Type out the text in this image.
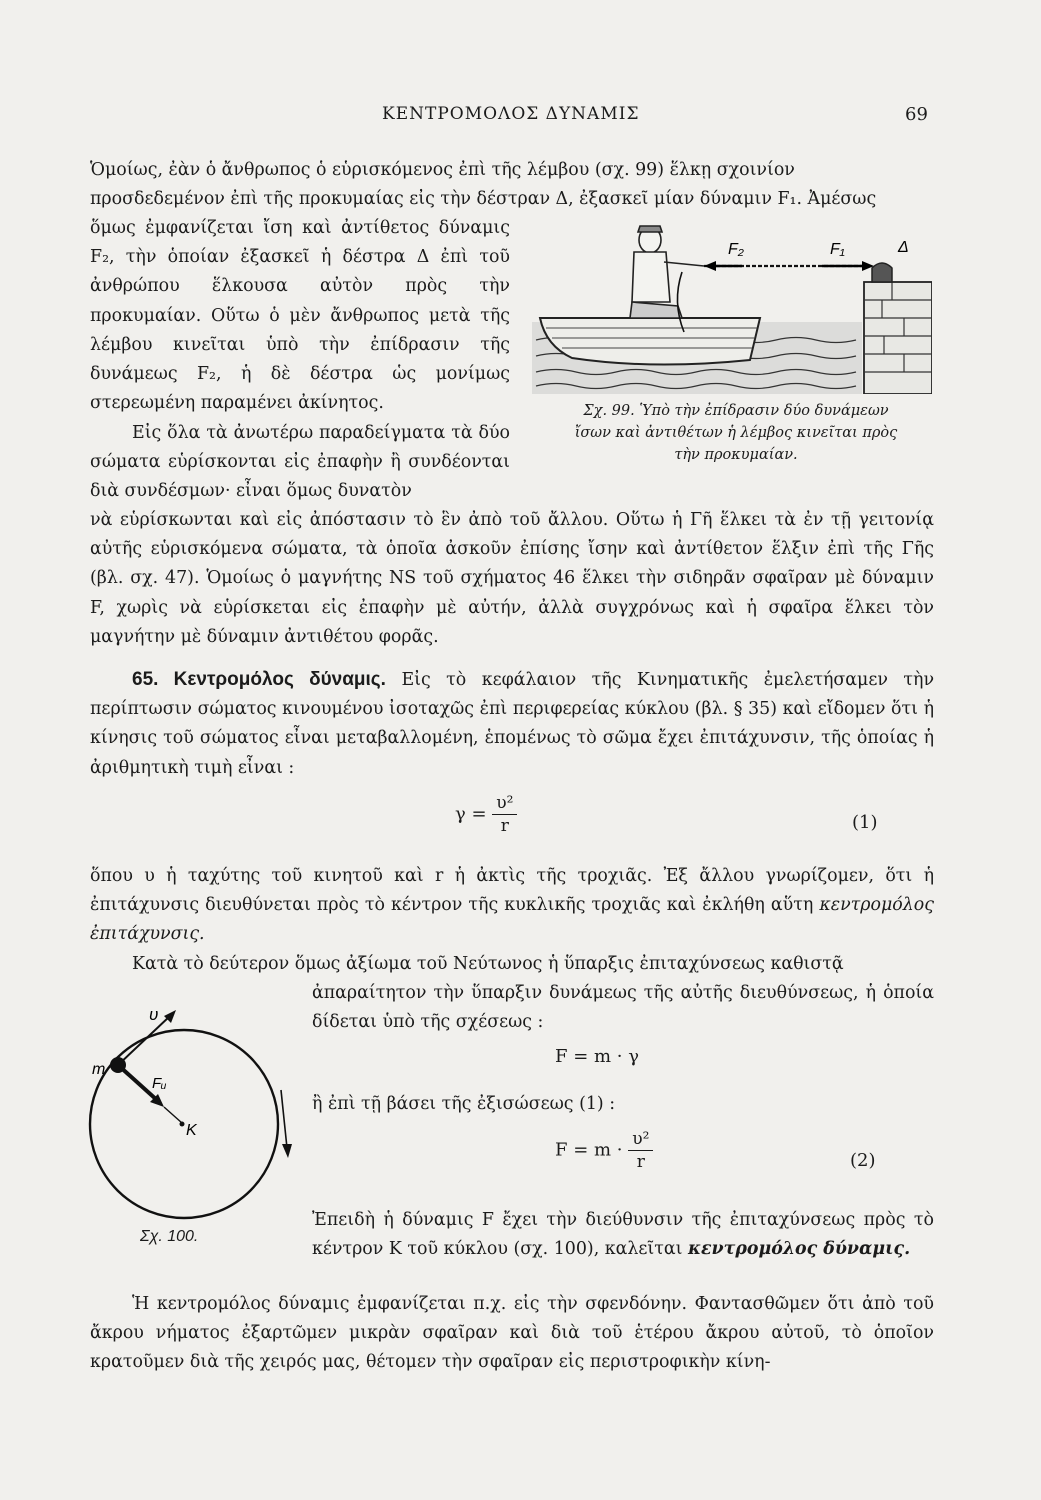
ΚΕΝΤΡΟΜΟΛΟΣ ΔΥΝΑΜΙΣ	69

Ὁμοίως, ἐὰν ὁ ἄνθρωπος ὁ εὑρισκόμενος ἐπὶ τῆς λέμβου (σχ. 99) ἕλκῃ σχοινίον

προσδεδεμένον ἐπὶ τῆς προκυμαίας εἰς τὴν δέστραν Δ, ἐξασκεῖ μίαν δύναμιν F₁. Ἀμέσως

ὅμως ἐμφανίζεται ἴση καὶ ἀντίθετος δύναμις F₂, τὴν ὁποίαν ἐξασκεῖ ἡ δέστρα Δ ἐπὶ τοῦ ἀνθρώπου ἕλκουσα αὐτὸν πρὸς τὴν προκυμαίαν. Οὕτω ὁ μὲν ἄνθρωπος μετὰ τῆς λέμβου κινεῖται ὑπὸ τὴν ἐπίδρασιν τῆς δυνάμεως F₂, ἡ δὲ δέστρα ὡς μονίμως στερεωμένη παραμένει ἀκίνητος.

Εἰς ὅλα τὰ ἀνωτέρω παραδείγματα τὰ δύο σώματα εὑρίσκονται εἰς ἐπαφὴν ἢ συνδέονται διὰ συνδέσμων· εἶναι ὅμως δυνατὸν

νὰ εὑρίσκωνται καὶ εἰς ἀπόστασιν τὸ ἓν ἀπὸ τοῦ ἄλλου. Οὕτω ἡ Γῆ ἕλκει τὰ ἐν τῇ γειτονίᾳ αὐτῆς εὑρισκόμενα σώματα, τὰ ὁποῖα ἀσκοῦν ἐπίσης ἴσην καὶ ἀντίθετον ἕλξιν ἐπὶ τῆς Γῆς (βλ. σχ. 47). Ὁμοίως ὁ μαγνήτης NS τοῦ σχήματος 46 ἕλκει τὴν σιδηρᾶν σφαῖραν μὲ δύναμιν F, χωρὶς νὰ εὑρίσκεται εἰς ἐπαφὴν μὲ αὐτήν, ἀλλὰ συγχρόνως καὶ ἡ σφαῖρα ἕλκει τὸν μαγνήτην μὲ δύναμιν ἀντιθέτου φορᾶς.

F₂	F₁	Δ
Σχ. 99. Ὑπὸ τὴν ἐπίδρασιν δύο δυνάμεων
ἴσων καὶ ἀντιθέτων ἡ λέμβος κινεῖται πρὸς
τὴν προκυμαίαν.

65. Κεντρομόλος δύναμις. Εἰς τὸ κεφάλαιον τῆς Κινηματικῆς ἐμελετήσαμεν τὴν περίπτωσιν σώματος κινουμένου ἰσοταχῶς ἐπὶ περιφερείας κύκλου (βλ. § 35) καὶ εἴδομεν ὅτι ἡ κίνησις τοῦ σώματος εἶναι μεταβαλλομένη, ἑπομένως τὸ σῶμα ἔχει ἐπιτάχυνσιν, τῆς ὁποίας ἡ ἀριθμητικὴ τιμὴ εἶναι :

$\gamma = \frac{\text{υ²}}{r}$	(1)

ὅπου υ ἡ ταχύτης τοῦ κινητοῦ καὶ r ἡ ἀκτὶς τῆς τροχιᾶς. Ἐξ ἄλλου γνωρίζομεν, ὅτι ἡ ἐπιτάχυνσις διευθύνεται πρὸς τὸ κέντρον τῆς κυκλικῆς τροχιᾶς καὶ ἐκλήθη αὕτη κεντρομόλος ἐπιτάχυνσις.

Κατὰ τὸ δεύτερον ὅμως ἀξίωμα τοῦ Νεύτωνος ἡ ὕπαρξις ἐπιταχύνσεως καθιστᾷ

ἀπαραίτητον τὴν ὕπαρξιν δυνάμεως τῆς αὐτῆς διευθύνσεως, ἡ ὁποία δίδεται ὑπὸ τῆς σχέσεως :

F = m · γ

ἢ ἐπὶ τῇ βάσει τῆς ἐξισώσεως (1) :

$F = m \cdot \frac{\text{υ²}}{r}$	(2)

Ἐπειδὴ ἡ δύναμις F ἔχει τὴν διεύθυνσιν τῆς ἐπιταχύνσεως πρὸς τὸ κέντρον K τοῦ κύκλου (σχ. 100), καλεῖται κεντρομόλος δύναμις.

υ
m
Fᵤ
K
Σχ. 100.

Ἡ κεντρομόλος δύναμις ἐμφανίζεται π.χ. εἰς τὴν σφενδόνην. Φαντασθῶμεν ὅτι ἀπὸ τοῦ ἄκρου νήματος ἐξαρτῶμεν μικρὰν σφαῖραν καὶ διὰ τοῦ ἑτέρου ἄκρου αὐτοῦ, τὸ ὁποῖον κρατοῦμεν διὰ τῆς χειρός μας, θέτομεν τὴν σφαῖραν εἰς περιστροφικὴν κίνη-
